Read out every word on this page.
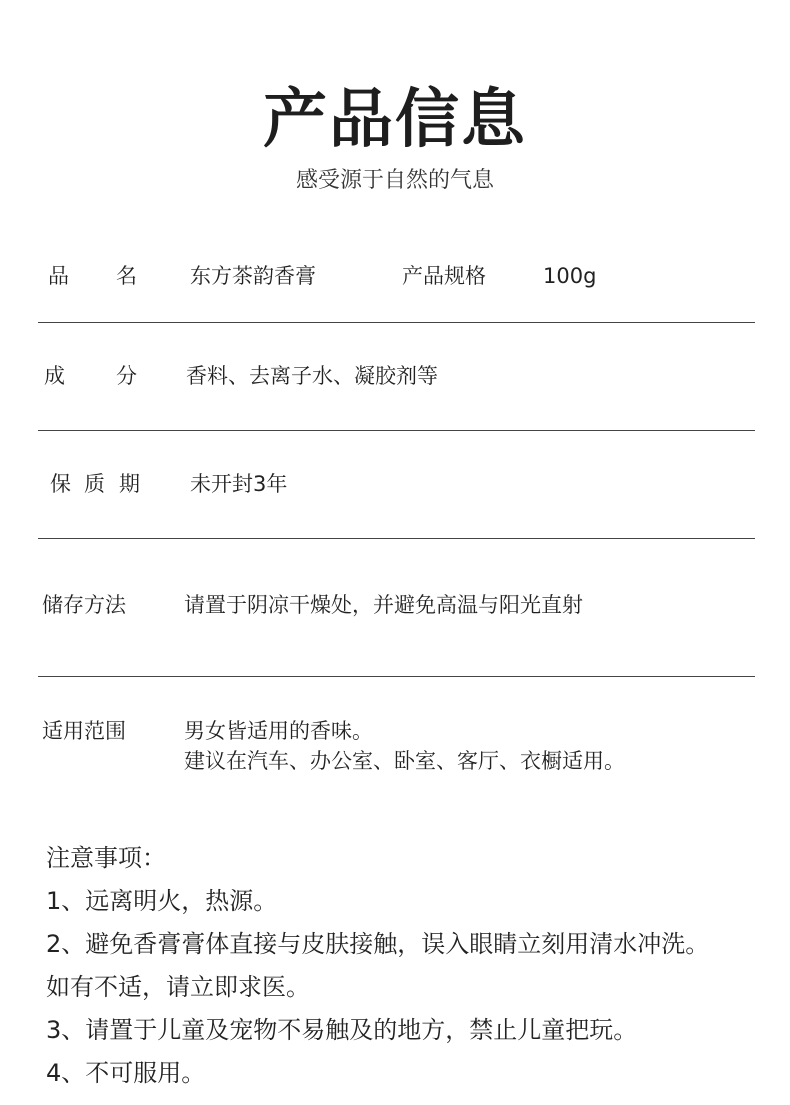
产品信息
感受源于自然的气息
品 名	东方茶韵香膏	产品规格	100g
成 分 香料、去离子水、凝胶剂等
保 质 期 未开封3年
储存方法	请置于阴凉干燥处，并避免高温与阳光直射
适用范围	男女皆适用的香味。
建议在汽车、办公室、卧室、客厅、衣橱适用。
注意事项：
1、远离明火，热源。
2、避免香膏膏体直接与皮肤接触，误入眼睛立刻用清水冲洗。
如有不适，请立即求医。
3、请置于儿童及宠物不易触及的地方，禁止儿童把玩。
4、不可服用。
